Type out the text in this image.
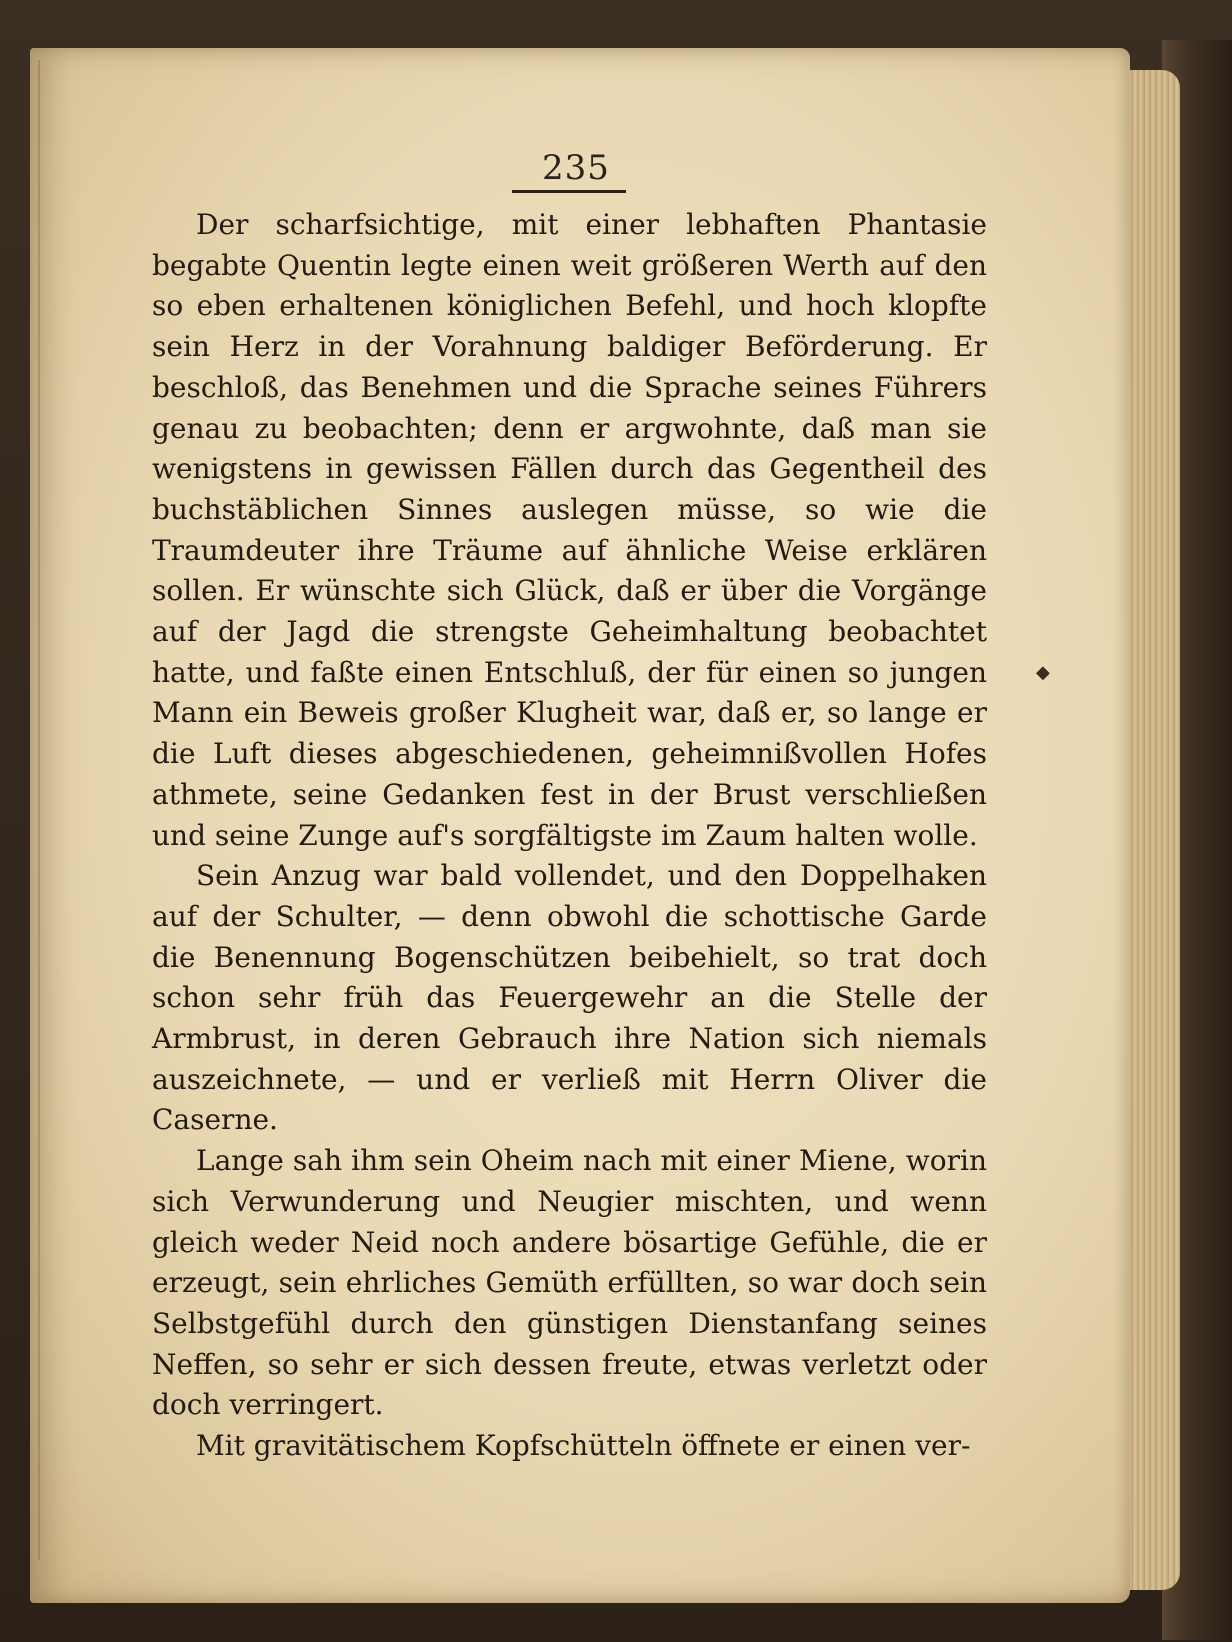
235

Der scharfsichtige, mit einer lebhaften Phantasie begabte Quentin legte einen weit größeren Werth auf den so eben erhaltenen königlichen Befehl, und hoch klopfte sein Herz in der Vorahnung baldiger Beförderung. Er beschloß, das Benehmen und die Sprache seines Führers genau zu beobachten; denn er argwohnte, daß man sie wenigstens in gewissen Fällen durch das Gegentheil des buchstäblichen Sinnes auslegen müsse, so wie die Traumdeuter ihre Träume auf ähnliche Weise erklären sollen. Er wünschte sich Glück, daß er über die Vorgänge auf der Jagd die strengste Geheimhaltung beobachtet hatte, und faßte einen Entschluß, der für einen so jungen Mann ein Beweis großer Klugheit war, daß er, so lange er die Luft dieses abgeschiedenen, geheimnißvollen Hofes athmete, seine Gedanken fest in der Brust verschließen und seine Zunge auf's sorgfältigste im Zaum halten wolle.

Sein Anzug war bald vollendet, und den Doppelhaken auf der Schulter, — denn obwohl die schottische Garde die Benennung Bogenschützen beibehielt, so trat doch schon sehr früh das Feuergewehr an die Stelle der Armbrust, in deren Gebrauch ihre Nation sich niemals auszeichnete, — und er verließ mit Herrn Oliver die Caserne.

Lange sah ihm sein Oheim nach mit einer Miene, worin sich Verwunderung und Neugier mischten, und wenn gleich weder Neid noch andere bösartige Gefühle, die er erzeugt, sein ehrliches Gemüth erfüllten, so war doch sein Selbstgefühl durch den günstigen Dienstanfang seines Neffen, so sehr er sich dessen freute, etwas verletzt oder doch verringert.

Mit gravitätischem Kopfschütteln öffnete er einen ver-

◆
